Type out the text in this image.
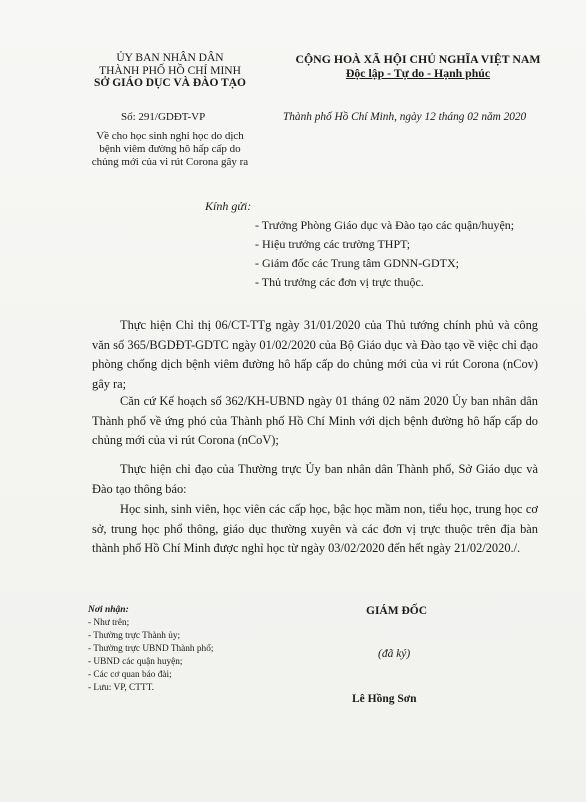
ỦY BAN NHÂN DÂN
THÀNH PHỐ HỒ CHÍ MINH
SỞ GIÁO DỤC VÀ ĐÀO TẠO
CỘNG HOÀ XÃ HỘI CHỦ NGHĨA VIỆT NAM
Độc lập - Tự do - Hạnh phúc
Số: 291/GDĐT-VP
Về cho học sinh nghỉ học do dịch
bệnh viêm đường hô hấp cấp do
chủng mới của vi rút Corona gây ra
Thành phố Hồ Chí Minh, ngày 12 tháng 02 năm 2020
Kính gửi:
- Trưởng Phòng Giáo dục và Đào tạo các quận/huyện;
- Hiệu trưởng các trường THPT;
- Giám đốc các Trung tâm GDNN-GDTX;
- Thủ trưởng các đơn vị trực thuộc.

Thực hiện Chỉ thị 06/CT-TTg ngày 31/01/2020 của Thủ tướng chính phủ và công văn số 365/BGDĐT-GDTC ngày 01/02/2020 của Bộ Giáo dục và Đào tạo về việc chỉ đạo phòng chống dịch bệnh viêm đường hô hấp cấp do chủng mới của vi rút Corona (nCov) gây ra;

Căn cứ Kế hoạch số 362/KH-UBND ngày 01 tháng 02 năm 2020 Ủy ban nhân dân Thành phố về ứng phó của Thành phố Hồ Chí Minh với dịch bệnh đường hô hấp cấp do chủng mới của vi rút Corona (nCoV);

Thực hiện chỉ đạo của Thường trực Ủy ban nhân dân Thành phố, Sở Giáo dục và Đào tạo thông báo:

Học sinh, sinh viên, học viên các cấp học, bậc học mầm non, tiểu học, trung học cơ sở, trung học phổ thông, giáo dục thường xuyên và các đơn vị trực thuộc trên địa bàn thành phố Hồ Chí Minh được nghỉ học từ ngày 03/02/2020 đến hết ngày 21/02/2020./.

Nơi nhận:
- Như trên;
- Thường trực Thành ủy;
- Thường trực UBND Thành phố;
- UBND các quận huyện;
- Các cơ quan báo đài;
- Lưu: VP, CTTT.
GIÁM ĐỐC
(đã ký)
Lê Hồng Sơn
